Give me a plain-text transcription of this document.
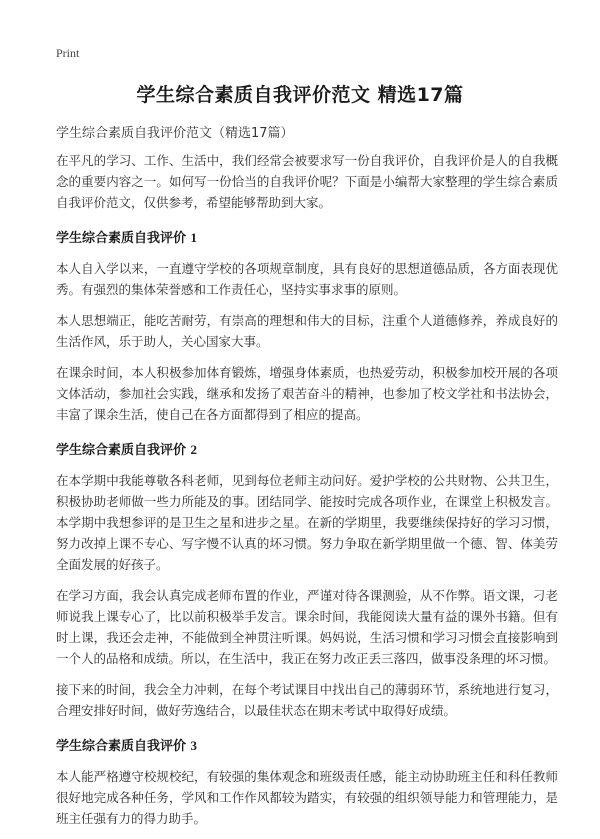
Print
学生综合素质自我评价范文 精选17篇
学生综合素质自我评价范文（精选17篇）

在平凡的学习、工作、生活中，我们经常会被要求写一份自我评价，自我评价是人的自我概念的重要内容之一。如何写一份恰当的自我评价呢？下面是小编帮大家整理的学生综合素质自我评价范文，仅供参考，希望能够帮助到大家。

学生综合素质自我评价 1

本人自入学以来，一直遵守学校的各项规章制度，具有良好的思想道德品质，各方面表现优秀。有强烈的集体荣誉感和工作责任心，坚持实事求事的原则。

本人思想端正，能吃苦耐劳，有崇高的理想和伟大的目标，注重个人道德修养，养成良好的生活作风，乐于助人，关心国家大事。

在课余时间，本人积极参加体育锻炼，增强身体素质，也热爱劳动，积极参加校开展的各项文体活动，参加社会实践，继承和发扬了艰苦奋斗的精神，也参加了校文学社和书法协会，丰富了课余生活，使自己在各方面都得到了相应的提高。

学生综合素质自我评价 2

在本学期中我能尊敬各科老师，见到每位老师主动问好。爱护学校的公共财物、公共卫生，积极协助老师做一些力所能及的事。团结同学、能按时完成各项作业，在课堂上积极发言。本学期中我想参评的是卫生之星和进步之星。在新的学期里，我要继续保持好的学习习惯，努力改掉上课不专心、写字慢不认真的坏习惯。努力争取在新学期里做一个德、智、体美劳全面发展的好孩子。

在学习方面，我会认真完成老师布置的作业，严谨对待各课测验，从不作弊。语文课，刁老师说我上课专心了，比以前积极举手发言。课余时间，我能阅读大量有益的课外书籍。但有时上课，我还会走神，不能做到全神贯注听课。妈妈说，生活习惯和学习习惯会直接影响到一个人的品格和成绩。所以，在生活中，我正在努力改正丢三落四，做事没条理的坏习惯。

接下来的时间，我会全力冲刺，在每个考试课目中找出自己的薄弱环节，系统地进行复习，合理安排好时间，做好劳逸结合，以最佳状态在期末考试中取得好成绩。

学生综合素质自我评价 3

本人能严格遵守校规校纪，有较强的集体观念和班级责任感，能主动协助班主任和科任教师很好地完成各种任务，学风和工作作风都较为踏实，有较强的组织领导能力和管理能力，是班主任强有力的得力助手。
